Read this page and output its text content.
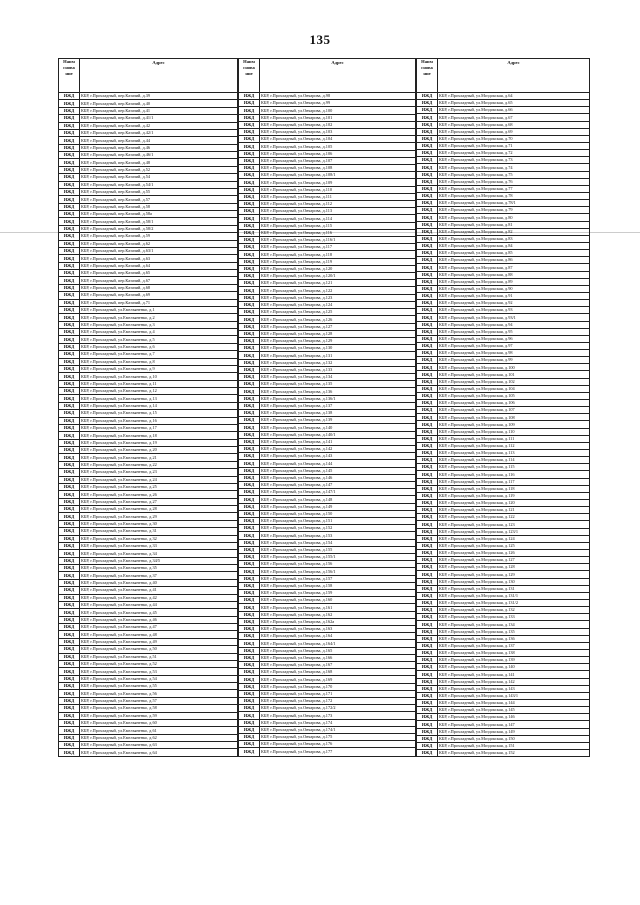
135
Наим
снова
ние	Адрес
ИЖД	КБР, г.Прохладный, пер.Казачий, д.39
ИЖД	КБР, г.Прохладный, пер.Казачий, д.40
ИЖД	КБР, г.Прохладный, пер.Казачий, д.41
ИЖД	КБР, г.Прохладный, пер.Казачий, д.41/1
ИЖД	КБР, г.Прохладный, пер.Казачий, д.42
ИЖД	КБР, г.Прохладный, пер.Казачий, д.42/1
ИЖД	КБР, г.Прохладный, пер.Казачий, д.44
ИЖД	КБР, г.Прохладный, пер.Казачий, д.46
ИЖД	КБР, г.Прохладный, пер.Казачий, д.46/1
ИЖД	КБР, г.Прохладный, пер.Казачий, д.48
ИЖД	КБР, г.Прохладный, пер.Казачий, д.52
ИЖД	КБР, г.Прохладный, пер.Казачий, д.54
ИЖД	КБР, г.Прохладный, пер.Казачий, д.54/1
ИЖД	КБР, г.Прохладный, пер.Казачий, д.55
ИЖД	КБР, г.Прохладный, пер.Казачий, д.57
ИЖД	КБР, г.Прохладный, пер.Казачий, д.58
ИЖД	КБР, г.Прохладный, пер.Казачий, д.58а
ИЖД	КБР, г.Прохладный, пер.Казачий, д.58/1
ИЖД	КБР, г.Прохладный, пер.Казачий, д.58/2
ИЖД	КБР, г.Прохладный, пер.Казачий, д.59
ИЖД	КБР, г.Прохладный, пер.Казачий, д.62
ИЖД	КБР, г.Прохладный, пер.Казачий, д.63/1
ИЖД	КБР, г.Прохладный, пер.Казачий, д.63
ИЖД	КБР, г.Прохладный, пер.Казачий, д.64
ИЖД	КБР, г.Прохладный, пер.Казачий, д.65
ИЖД	КБР, г.Прохладный, пер.Казачий, д.67
ИЖД	КБР, г.Прохладный, пер.Казачий, д.68
ИЖД	КБР, г.Прохладный, пер.Казачий, д.69
ИЖД	КБР, г.Прохладный, пер.Казачий, д.71
ИЖД	КБР, г.Прохладный, ул.Емельяненко, д.1
ИЖД	КБР, г.Прохладный, ул.Емельяненко, д.2
ИЖД	КБР, г.Прохладный, ул.Емельяненко, д.3
ИЖД	КБР, г.Прохладный, ул.Емельяненко, д.4
ИЖД	КБР, г.Прохладный, ул.Емельяненко, д.5
ИЖД	КБР, г.Прохладный, ул.Емельяненко, д.6
ИЖД	КБР, г.Прохладный, ул.Емельяненко, д.7
ИЖД	КБР, г.Прохладный, ул.Емельяненко, д.8
ИЖД	КБР, г.Прохладный, ул.Емельяненко, д.9
ИЖД	КБР, г.Прохладный, ул.Емельяненко, д.10
ИЖД	КБР, г.Прохладный, ул.Емельяненко, д.11
ИЖД	КБР, г.Прохладный, ул.Емельяненко, д.12
ИЖД	КБР, г.Прохладный, ул.Емельяненко, д.13
ИЖД	КБР, г.Прохладный, ул.Емельяненко, д.14
ИЖД	КБР, г.Прохладный, ул.Емельяненко, д.15
ИЖД	КБР, г.Прохладный, ул.Емельяненко, д.16
ИЖД	КБР, г.Прохладный, ул.Емельяненко, д.17
ИЖД	КБР, г.Прохладный, ул.Емельяненко, д.18
ИЖД	КБР, г.Прохладный, ул.Емельяненко, д.19
ИЖД	КБР, г.Прохладный, ул.Емельяненко, д.20
ИЖД	КБР, г.Прохладный, ул.Емельяненко, д.21
ИЖД	КБР, г.Прохладный, ул.Емельяненко, д.22
ИЖД	КБР, г.Прохладный, ул.Емельяненко, д.23
ИЖД	КБР, г.Прохладный, ул.Емельяненко, д.24
ИЖД	КБР, г.Прохладный, ул.Емельяненко, д.25
ИЖД	КБР, г.Прохладный, ул.Емельяненко, д.26
ИЖД	КБР, г.Прохладный, ул.Емельяненко, д.27
ИЖД	КБР, г.Прохладный, ул.Емельяненко, д.28
ИЖД	КБР, г.Прохладный, ул.Емельяненко, д.29
ИЖД	КБР, г.Прохладный, ул.Емельяненко, д.30
ИЖД	КБР, г.Прохладный, ул.Емельяненко, д.31
ИЖД	КБР, г.Прохладный, ул.Емельяненко, д.32
ИЖД	КБР, г.Прохладный, ул.Емельяненко, д.33
ИЖД	КБР, г.Прохладный, ул.Емельяненко, д.34
ИЖД	КБР, г.Прохладный, ул.Емельяненко, д.34/5
ИЖД	КБР, г.Прохладный, ул.Емельяненко, д.35
ИЖД	КБР, г.Прохладный, ул.Емельяненко, д.37
ИЖД	КБР, г.Прохладный, ул.Емельяненко, д.40
ИЖД	КБР, г.Прохладный, ул.Емельяненко, д.41
ИЖД	КБР, г.Прохладный, ул.Емельяненко, д.42
ИЖД	КБР, г.Прохладный, ул.Емельяненко, д.44
ИЖД	КБР, г.Прохладный, ул.Емельяненко, д.45
ИЖД	КБР, г.Прохладный, ул.Емельяненко, д.46
ИЖД	КБР, г.Прохладный, ул.Емельяненко, д.47
ИЖД	КБР, г.Прохладный, ул.Емельяненко, д.48
ИЖД	КБР, г.Прохладный, ул.Емельяненко, д.49
ИЖД	КБР, г.Прохладный, ул.Емельяненко, д.50
ИЖД	КБР, г.Прохладный, ул.Емельяненко, д.51
ИЖД	КБР, г.Прохладный, ул.Емельяненко, д.52
ИЖД	КБР, г.Прохладный, ул.Емельяненко, д.53
ИЖД	КБР, г.Прохладный, ул.Емельяненко, д.54
ИЖД	КБР, г.Прохладный, ул.Емельяненко, д.55
ИЖД	КБР, г.Прохладный, ул.Емельяненко, д.56
ИЖД	КБР, г.Прохладный, ул.Емельяненко, д.57
ИЖД	КБР, г.Прохладный, ул.Емельяненко, д.58
ИЖД	КБР, г.Прохладный, ул.Емельяненко, д.59
ИЖД	КБР, г.Прохладный, ул.Емельяненко, д.60
ИЖД	КБР, г.Прохладный, ул.Емельяненко, д.61
ИЖД	КБР, г.Прохладный, ул.Емельяненко, д.62
ИЖД	КБР, г.Прохладный, ул.Емельяненко, д.63
ИЖД	КБР, г.Прохладный, ул.Емельяненко, д.64
Наим
снова
ние	Адрес
ИЖД	КБР, г.Прохладный, ул.Овчарова, д.98
ИЖД	КБР, г.Прохладный, ул.Овчарова, д.99
ИЖД	КБР, г.Прохладный, ул.Овчарова, д.100
ИЖД	КБР, г.Прохладный, ул.Овчарова, д.101
ИЖД	КБР, г.Прохладный, ул.Овчарова, д.102
ИЖД	КБР, г.Прохладный, ул.Овчарова, д.103
ИЖД	КБР, г.Прохладный, ул.Овчарова, д.104
ИЖД	КБР, г.Прохладный, ул.Овчарова, д.105
ИЖД	КБР, г.Прохладный, ул.Овчарова, д.106
ИЖД	КБР, г.Прохладный, ул.Овчарова, д.107
ИЖД	КБР, г.Прохладный, ул.Овчарова, д.108
ИЖД	КБР, г.Прохладный, ул.Овчарова, д.108/1
ИЖД	КБР, г.Прохладный, ул.Овчарова, д.109
ИЖД	КБР, г.Прохладный, ул.Овчарова, д.110
ИЖД	КБР, г.Прохладный, ул.Овчарова, д.111
ИЖД	КБР, г.Прохладный, ул.Овчарова, д.112
ИЖД	КБР, г.Прохладный, ул.Овчарова, д.113
ИЖД	КБР, г.Прохладный, ул.Овчарова, д.114
ИЖД	КБР, г.Прохладный, ул.Овчарова, д.115
ИЖД	КБР, г.Прохладный, ул.Овчарова, д.116
ИЖД	КБР, г.Прохладный, ул.Овчарова, д.116/1
ИЖД	КБР, г.Прохладный, ул.Овчарова, д.117
ИЖД	КБР, г.Прохладный, ул.Овчарова, д.118
ИЖД	КБР, г.Прохладный, ул.Овчарова, д.119
ИЖД	КБР, г.Прохладный, ул.Овчарова, д.120
ИЖД	КБР, г.Прохладный, ул.Овчарова, д.120/1
ИЖД	КБР, г.Прохладный, ул.Овчарова, д.121
ИЖД	КБР, г.Прохладный, ул.Овчарова, д.122
ИЖД	КБР, г.Прохладный, ул.Овчарова, д.123
ИЖД	КБР, г.Прохладный, ул.Овчарова, д.124
ИЖД	КБР, г.Прохладный, ул.Овчарова, д.125
ИЖД	КБР, г.Прохладный, ул.Овчарова, д.126
ИЖД	КБР, г.Прохладный, ул.Овчарова, д.127
ИЖД	КБР, г.Прохладный, ул.Овчарова, д.128
ИЖД	КБР, г.Прохладный, ул.Овчарова, д.129
ИЖД	КБР, г.Прохладный, ул.Овчарова, д.130
ИЖД	КБР, г.Прохладный, ул.Овчарова, д.131
ИЖД	КБР, г.Прохладный, ул.Овчарова, д.132
ИЖД	КБР, г.Прохладный, ул.Овчарова, д.133
ИЖД	КБР, г.Прохладный, ул.Овчарова, д.134
ИЖД	КБР, г.Прохладный, ул.Овчарова, д.135
ИЖД	КБР, г.Прохладный, ул.Овчарова, д.136
ИЖД	КБР, г.Прохладный, ул.Овчарова, д.136/1
ИЖД	КБР, г.Прохладный, ул.Овчарова, д.137
ИЖД	КБР, г.Прохладный, ул.Овчарова, д.138
ИЖД	КБР, г.Прохладный, ул.Овчарова, д.139
ИЖД	КБР, г.Прохладный, ул.Овчарова, д.140
ИЖД	КБР, г.Прохладный, ул.Овчарова, д.140/1
ИЖД	КБР, г.Прохладный, ул.Овчарова, д.141
ИЖД	КБР, г.Прохладный, ул.Овчарова, д.142
ИЖД	КБР, г.Прохладный, ул.Овчарова, д.143
ИЖД	КБР, г.Прохладный, ул.Овчарова, д.144
ИЖД	КБР, г.Прохладный, ул.Овчарова, д.145
ИЖД	КБР, г.Прохладный, ул.Овчарова, д.146
ИЖД	КБР, г.Прохладный, ул.Овчарова, д.147
ИЖД	КБР, г.Прохладный, ул.Овчарова, д.147/1
ИЖД	КБР, г.Прохладный, ул.Овчарова, д.148
ИЖД	КБР, г.Прохладный, ул.Овчарова, д.149
ИЖД	КБР, г.Прохладный, ул.Овчарова, д.150
ИЖД	КБР, г.Прохладный, ул.Овчарова, д.151
ИЖД	КБР, г.Прохладный, ул.Овчарова, д.152
ИЖД	КБР, г.Прохладный, ул.Овчарова, д.153
ИЖД	КБР, г.Прохладный, ул.Овчарова, д.154
ИЖД	КБР, г.Прохладный, ул.Овчарова, д.155
ИЖД	КБР, г.Прохладный, ул.Овчарова, д.155/1
ИЖД	КБР, г.Прохладный, ул.Овчарова, д.156
ИЖД	КБР, г.Прохладный, ул.Овчарова, д.156/1
ИЖД	КБР, г.Прохладный, ул.Овчарова, д.157
ИЖД	КБР, г.Прохладный, ул.Овчарова, д.158
ИЖД	КБР, г.Прохладный, ул.Овчарова, д.159
ИЖД	КБР, г.Прохладный, ул.Овчарова, д.160
ИЖД	КБР, г.Прохладный, ул.Овчарова, д.161
ИЖД	КБР, г.Прохладный, ул.Овчарова, д.162
ИЖД	КБР, г.Прохладный, ул.Овчарова, д.162а
ИЖД	КБР, г.Прохладный, ул.Овчарова, д.163
ИЖД	КБР, г.Прохладный, ул.Овчарова, д.164
ИЖД	КБР, г.Прохладный, ул.Овчарова, д.164/1
ИЖД	КБР, г.Прохладный, ул.Овчарова, д.165
ИЖД	КБР, г.Прохладный, ул.Овчарова, д.166
ИЖД	КБР, г.Прохладный, ул.Овчарова, д.167
ИЖД	КБР, г.Прохладный, ул.Овчарова, д.168
ИЖД	КБР, г.Прохладный, ул.Овчарова, д.169
ИЖД	КБР, г.Прохладный, ул.Овчарова, д.170
ИЖД	КБР, г.Прохладный, ул.Овчарова, д.171
ИЖД	КБР, г.Прохладный, ул.Овчарова, д.172
ИЖД	КБР, г.Прохладный, ул.Овчарова, д.172/2
ИЖД	КБР, г.Прохладный, ул.Овчарова, д.173
ИЖД	КБР, г.Прохладный, ул.Овчарова, д.174
ИЖД	КБР, г.Прохладный, ул.Овчарова, д.174/1
ИЖД	КБР, г.Прохладный, ул.Овчарова, д.175
ИЖД	КБР, г.Прохладный, ул.Овчарова, д.176
ИЖД	КБР, г.Прохладный, ул.Овчарова, д.177
Наим
снова
ние	Адрес
ИЖД	КБР, г.Прохладный, ул.Моздокская, д.64
ИЖД	КБР, г.Прохладный, ул.Моздокская, д.65
ИЖД	КБР, г.Прохладный, ул.Моздокская, д.66
ИЖД	КБР, г.Прохладный, ул.Моздокская, д.67
ИЖД	КБР, г.Прохладный, ул.Моздокская, д.68
ИЖД	КБР, г.Прохладный, ул.Моздокская, д.69
ИЖД	КБР, г.Прохладный, ул.Моздокская, д.70
ИЖД	КБР, г.Прохладный, ул.Моздокская, д.71
ИЖД	КБР, г.Прохладный, ул.Моздокская, д.72
ИЖД	КБР, г.Прохладный, ул.Моздокская, д.73
ИЖД	КБР, г.Прохладный, ул.Моздокская, д.74
ИЖД	КБР, г.Прохладный, ул.Моздокская, д.75
ИЖД	КБР, г.Прохладный, ул.Моздокская, д.76
ИЖД	КБР, г.Прохладный, ул.Моздокская, д.77
ИЖД	КБР, г.Прохладный, ул.Моздокская, д.78
ИЖД	КБР, г.Прохладный, ул.Моздокская, д.78/1
ИЖД	КБР, г.Прохладный, ул.Моздокская, д.79
ИЖД	КБР, г.Прохладный, ул.Моздокская, д.80
ИЖД	КБР, г.Прохладный, ул.Моздокская, д.81
ИЖД	КБР, г.Прохладный, ул.Моздокская, д.82
ИЖД	КБР, г.Прохладный, ул.Моздокская, д.83
ИЖД	КБР, г.Прохладный, ул.Моздокская, д.84
ИЖД	КБР, г.Прохладный, ул.Моздокская, д.85
ИЖД	КБР, г.Прохладный, ул.Моздокская, д.86
ИЖД	КБР, г.Прохладный, ул.Моздокская, д.87
ИЖД	КБР, г.Прохладный, ул.Моздокская, д.88
ИЖД	КБР, г.Прохладный, ул.Моздокская, д.89
ИЖД	КБР, г.Прохладный, ул.Моздокская, д.90
ИЖД	КБР, г.Прохладный, ул.Моздокская, д.91
ИЖД	КБР, г.Прохладный, ул.Моздокская, д.92
ИЖД	КБР, г.Прохладный, ул.Моздокская, д.93
ИЖД	КБР, г.Прохладный, ул.Моздокская, д.93/1
ИЖД	КБР, г.Прохладный, ул.Моздокская, д.94
ИЖД	КБР, г.Прохладный, ул.Моздокская, д.95
ИЖД	КБР, г.Прохладный, ул.Моздокская, д.96
ИЖД	КБР, г.Прохладный, ул.Моздокская, д.97
ИЖД	КБР, г.Прохладный, ул.Моздокская, д.98
ИЖД	КБР, г.Прохладный, ул.Моздокская, д.99
ИЖД	КБР, г.Прохладный, ул.Моздокская, д.100
ИЖД	КБР, г.Прохладный, ул.Моздокская, д.101
ИЖД	КБР, г.Прохладный, ул.Моздокская, д.102
ИЖД	КБР, г.Прохладный, ул.Моздокская, д.104
ИЖД	КБР, г.Прохладный, ул.Моздокская, д.105
ИЖД	КБР, г.Прохладный, ул.Моздокская, д.106
ИЖД	КБР, г.Прохладный, ул.Моздокская, д.107
ИЖД	КБР, г.Прохладный, ул.Моздокская, д.108
ИЖД	КБР, г.Прохладный, ул.Моздокская, д.109
ИЖД	КБР, г.Прохладный, ул.Моздокская, д.110
ИЖД	КБР, г.Прохладный, ул.Моздокская, д.111
ИЖД	КБР, г.Прохладный, ул.Моздокская, д.112
ИЖД	КБР, г.Прохладный, ул.Моздокская, д.113
ИЖД	КБР, г.Прохладный, ул.Моздокская, д.114
ИЖД	КБР, г.Прохладный, ул.Моздокская, д.115
ИЖД	КБР, г.Прохладный, ул.Моздокская, д.116
ИЖД	КБР, г.Прохладный, ул.Моздокская, д.117
ИЖД	КБР, г.Прохладный, ул.Моздокская, д.118
ИЖД	КБР, г.Прохладный, ул.Моздокская, д.119
ИЖД	КБР, г.Прохладный, ул.Моздокская, д.120
ИЖД	КБР, г.Прохладный, ул.Моздокская, д.121
ИЖД	КБР, г.Прохладный, ул.Моздокская, д.122
ИЖД	КБР, г.Прохладный, ул.Моздокская, д.123
ИЖД	КБР, г.Прохладный, ул.Моздокская, д.123/1
ИЖД	КБР, г.Прохладный, ул.Моздокская, д.124
ИЖД	КБР, г.Прохладный, ул.Моздокская, д.125
ИЖД	КБР, г.Прохладный, ул.Моздокская, д.126
ИЖД	КБР, г.Прохладный, ул.Моздокская, д.127
ИЖД	КБР, г.Прохладный, ул.Моздокская, д.128
ИЖД	КБР, г.Прохладный, ул.Моздокская, д.129
ИЖД	КБР, г.Прохладный, ул.Моздокская, д.130
ИЖД	КБР, г.Прохладный, ул.Моздокская, д.131
ИЖД	КБР, г.Прохладный, ул.Моздокская, д.131/1
ИЖД	КБР, г.Прохладный, ул.Моздокская, д.131/2
ИЖД	КБР, г.Прохладный, ул.Моздокская, д.132
ИЖД	КБР, г.Прохладный, ул.Моздокская, д.133
ИЖД	КБР, г.Прохладный, ул.Моздокская, д.134
ИЖД	КБР, г.Прохладный, ул.Моздокская, д.135
ИЖД	КБР, г.Прохладный, ул.Моздокская, д.136
ИЖД	КБР, г.Прохладный, ул.Моздокская, д.137
ИЖД	КБР, г.Прохладный, ул.Моздокская, д.138
ИЖД	КБР, г.Прохладный, ул.Моздокская, д.139
ИЖД	КБР, г.Прохладный, ул.Моздокская, д.140
ИЖД	КБР, г.Прохладный, ул.Моздокская, д.141
ИЖД	КБР, г.Прохладный, ул.Моздокская, д.142
ИЖД	КБР, г.Прохладный, ул.Моздокская, д.143
ИЖД	КБР, г.Прохладный, ул.Моздокская, д.143/1
ИЖД	КБР, г.Прохладный, ул.Моздокская, д.144
ИЖД	КБР, г.Прохладный, ул.Моздокская, д.145
ИЖД	КБР, г.Прохладный, ул.Моздокская, д.146
ИЖД	КБР, г.Прохладный, ул.Моздокская, д.147
ИЖД	КБР, г.Прохладный, ул.Моздокская, д.149
ИЖД	КБР, г.Прохладный, ул.Моздокская, д.150
ИЖД	КБР, г.Прохладный, ул.Моздокская, д.151
ИЖД	КБР, г.Прохладный, ул.Моздокская, д.152
